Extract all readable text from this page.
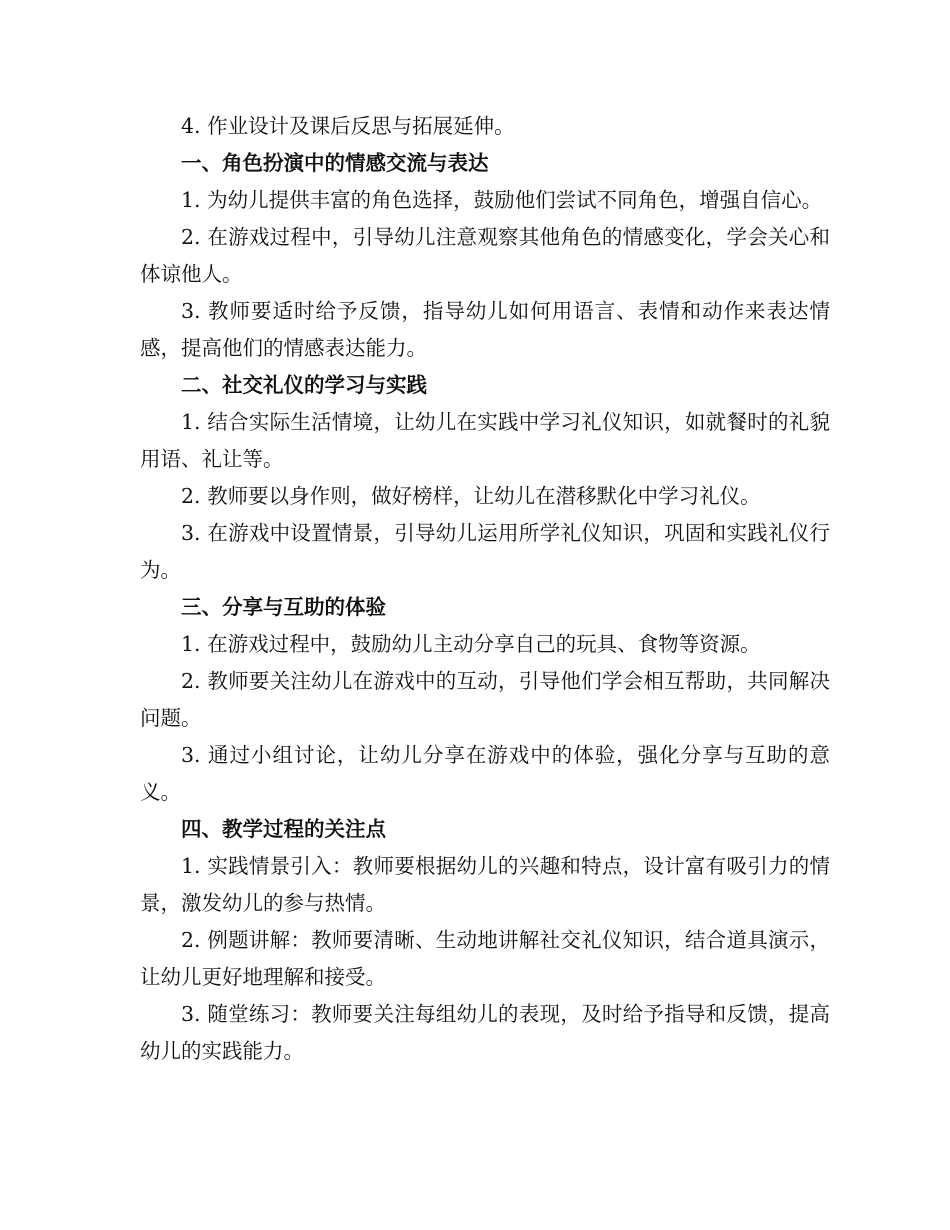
4. 作业设计及课后反思与拓展延伸。

一、角色扮演中的情感交流与表达

1. 为幼儿提供丰富的角色选择，鼓励他们尝试不同角色，增强自信心。

2. 在游戏过程中，引导幼儿注意观察其他角色的情感变化，学会关心和体谅他人。

3. 教师要适时给予反馈，指导幼儿如何用语言、表情和动作来表达情感，提高他们的情感表达能力。

二、社交礼仪的学习与实践

1. 结合实际生活情境，让幼儿在实践中学习礼仪知识，如就餐时的礼貌用语、礼让等。

2. 教师要以身作则，做好榜样，让幼儿在潜移默化中学习礼仪。

3. 在游戏中设置情景，引导幼儿运用所学礼仪知识，巩固和实践礼仪行为。

三、分享与互助的体验

1. 在游戏过程中，鼓励幼儿主动分享自己的玩具、食物等资源。

2. 教师要关注幼儿在游戏中的互动，引导他们学会相互帮助，共同解决问题。

3. 通过小组讨论，让幼儿分享在游戏中的体验，强化分享与互助的意义。

四、教学过程的关注点

1. 实践情景引入：教师要根据幼儿的兴趣和特点，设计富有吸引力的情景，激发幼儿的参与热情。

2. 例题讲解：教师要清晰、生动地讲解社交礼仪知识，结合道具演示，让幼儿更好地理解和接受。

3. 随堂练习：教师要关注每组幼儿的表现，及时给予指导和反馈，提高幼儿的实践能力。
